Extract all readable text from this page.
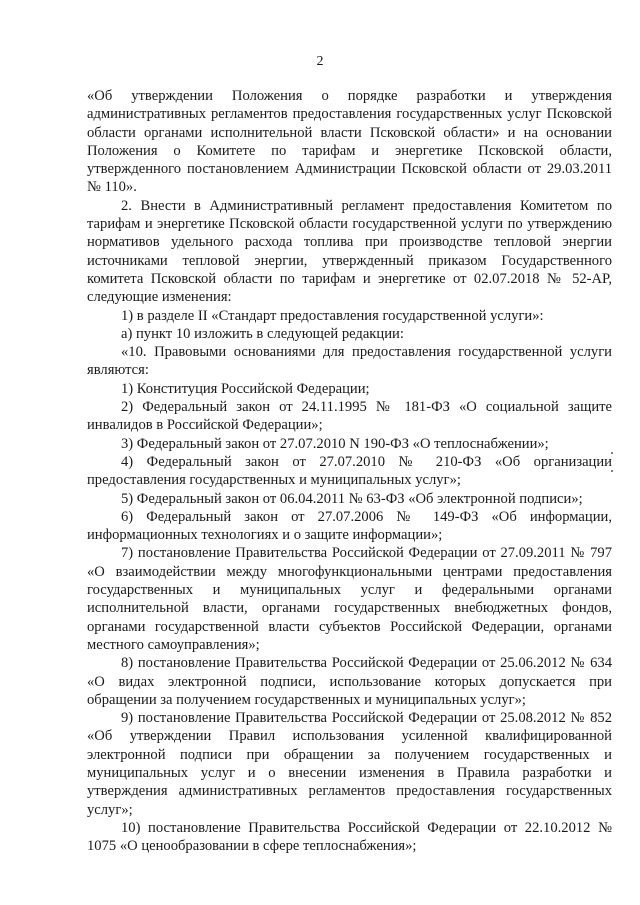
2

«Об утверждении Положения о порядке разработки и утверждения административных регламентов предоставления государственных услуг Псковской области органами исполнительной власти Псковской области» и на основании Положения о Комитете по тарифам и энергетике Псковской области, утвержденного постановлением Администрации Псковской области от 29.03.2011 № 110».

2. Внести в Административный регламент предоставления Комитетом по тарифам и энергетике Псковской области государственной услуги по утверждению нормативов удельного расхода топлива при производстве тепловой энергии источниками тепловой энергии, утвержденный приказом Государственного комитета Псковской области по тарифам и энергетике от 02.07.2018 № 52-АР, следующие изменения:

1) в разделе II «Стандарт предоставления государственной услуги»:

а) пункт 10 изложить в следующей редакции:

«10. Правовыми основаниями для предоставления государственной услуги являются:

1) Конституция Российской Федерации;

2) Федеральный закон от 24.11.1995 № 181-ФЗ «О социальной защите инвалидов в Российской Федерации»;

3) Федеральный закон от 27.07.2010 N 190-ФЗ «О теплоснабжении»;

4) Федеральный закон от 27.07.2010 № 210-ФЗ «Об организации предоставления государственных и муниципальных услуг»;

5) Федеральный закон от 06.04.2011 № 63-ФЗ «Об электронной подписи»;

6) Федеральный закон от 27.07.2006 № 149-ФЗ «Об информации, информационных технологиях и о защите информации»;

7) постановление Правительства Российской Федерации от 27.09.2011 № 797 «О взаимодействии между многофункциональными центрами предоставления государственных и муниципальных услуг и федеральными органами исполнительной власти, органами государственных внебюджетных фондов, органами государственной власти субъектов Российской Федерации, органами местного самоуправления»;

8) постановление Правительства Российской Федерации от 25.06.2012 № 634 «О видах электронной подписи, использование которых допускается при обращении за получением государственных и муниципальных услуг»;

9) постановление Правительства Российской Федерации от 25.08.2012 № 852 «Об утверждении Правил использования усиленной квалифицированной электронной подписи при обращении за получением государственных и муниципальных услуг и о внесении изменения в Правила разработки и утверждения административных регламентов предоставления государственных услуг»;

10) постановление Правительства Российской Федерации от 22.10.2012 № 1075 «О ценообразовании в сфере теплоснабжения»;
